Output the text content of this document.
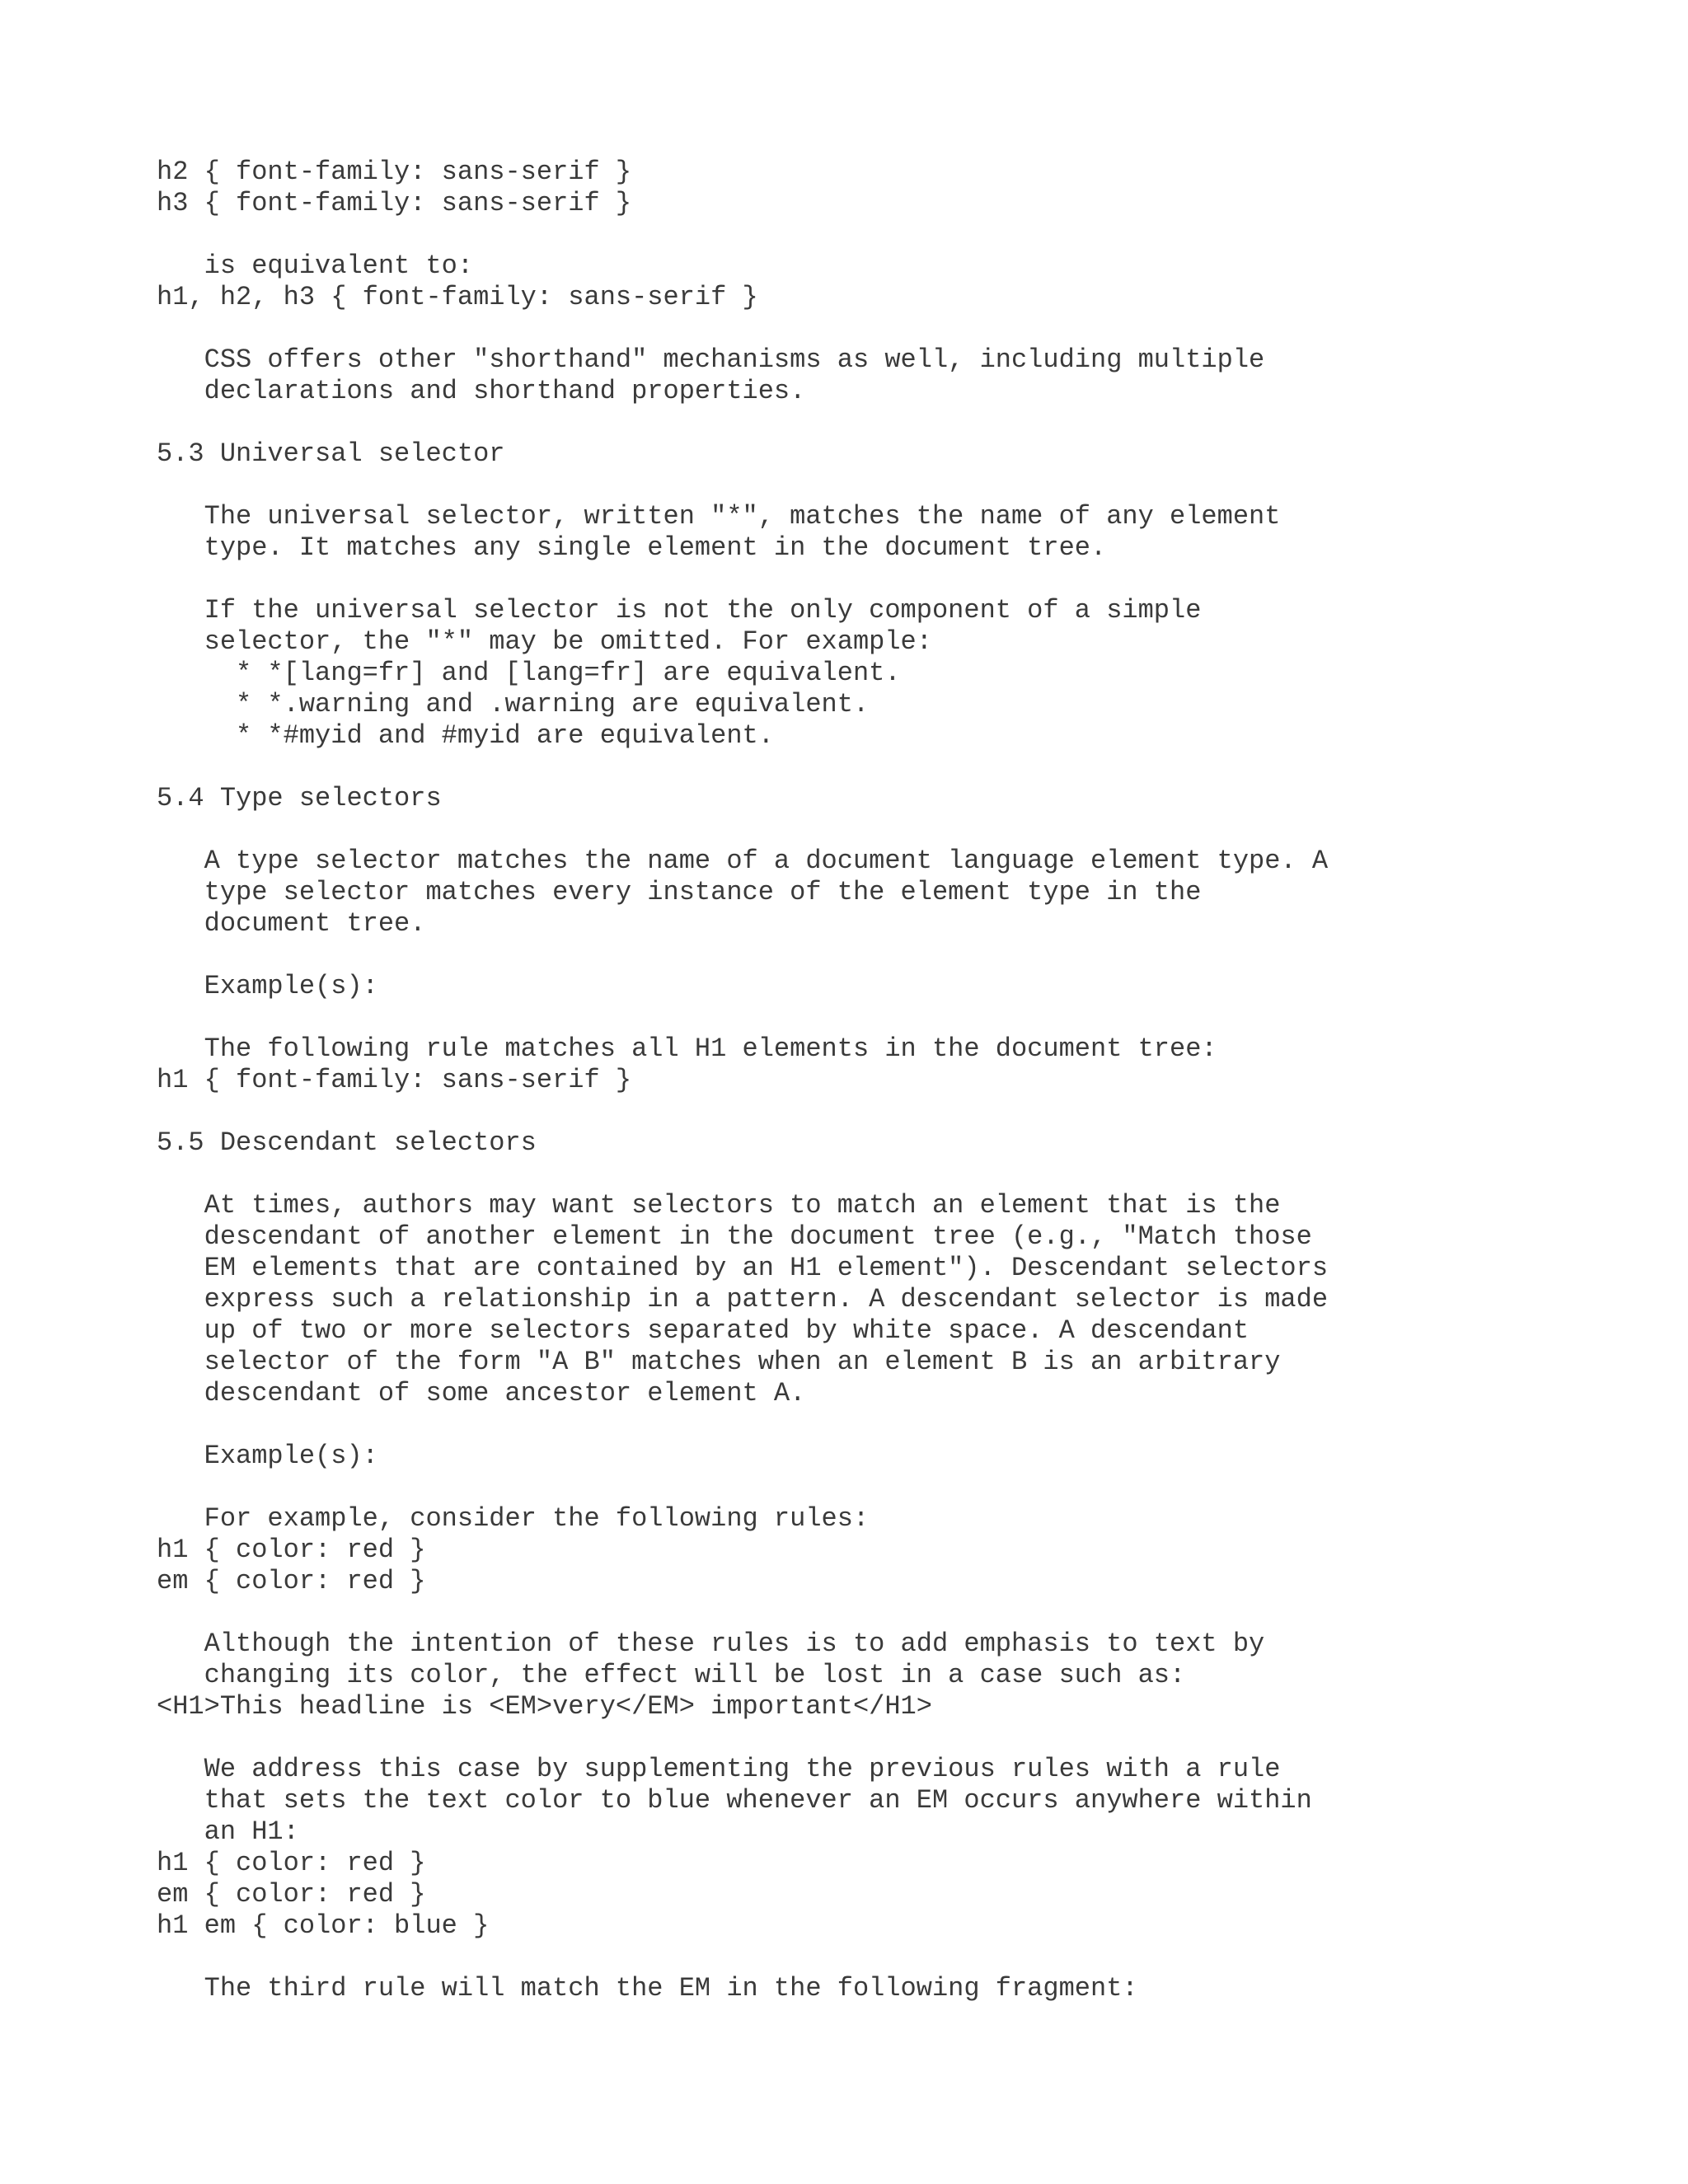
h2 { font-family: sans-serif }
h3 { font-family: sans-serif }
is equivalent to:
h1, h2, h3 { font-family: sans-serif }
CSS offers other "shorthand" mechanisms as well, including multiple
declarations and shorthand properties.
5.3 Universal selector
The universal selector, written "*", matches the name of any element
type. It matches any single element in the document tree.
If the universal selector is not the only component of a simple
selector, the "*" may be omitted. For example:
* *[lang=fr] and [lang=fr] are equivalent.
* *.warning and .warning are equivalent.
* *#myid and #myid are equivalent.
5.4 Type selectors
A type selector matches the name of a document language element type. A
type selector matches every instance of the element type in the
document tree.
Example(s):
The following rule matches all H1 elements in the document tree:
h1 { font-family: sans-serif }
5.5 Descendant selectors
At times, authors may want selectors to match an element that is the
descendant of another element in the document tree (e.g., "Match those
EM elements that are contained by an H1 element"). Descendant selectors
express such a relationship in a pattern. A descendant selector is made
up of two or more selectors separated by white space. A descendant
selector of the form "A B" matches when an element B is an arbitrary
descendant of some ancestor element A.
Example(s):
For example, consider the following rules:
h1 { color: red }
em { color: red }
Although the intention of these rules is to add emphasis to text by
changing its color, the effect will be lost in a case such as:
<H1>This headline is <EM>very</EM> important</H1>
We address this case by supplementing the previous rules with a rule
that sets the text color to blue whenever an EM occurs anywhere within
an H1:
h1 { color: red }
em { color: red }
h1 em { color: blue }
The third rule will match the EM in the following fragment:
